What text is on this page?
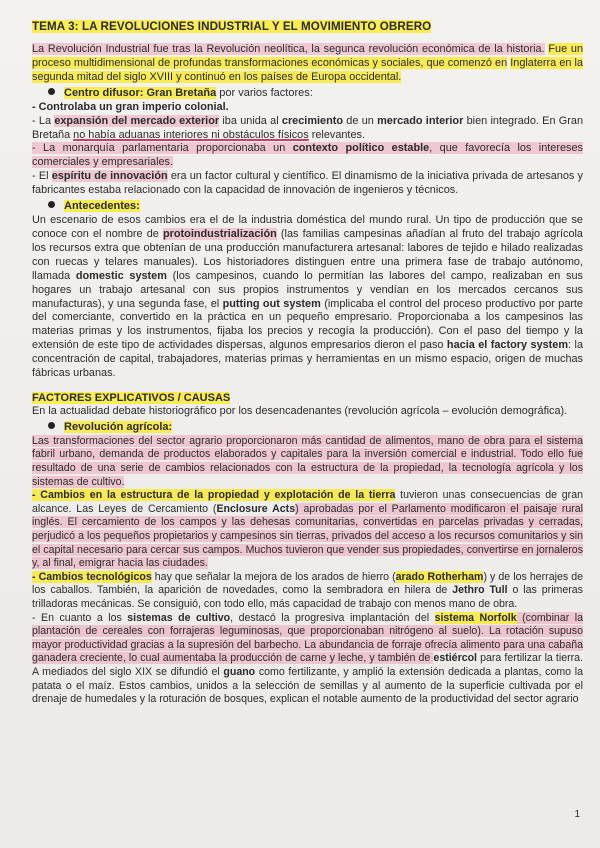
TEMA 3: LA REVOLUCIONES INDUSTRIAL Y EL MOVIMIENTO OBRERO

La Revolución Industrial fue tras la Revolución neolítica, la segunca revolución económica de la historia. Fue un proceso multidimensional de profundas transformaciones económicas y sociales, que comenzó en Inglaterra en la segunda mitad del siglo XVIII y continuó en los países de Europa occidental.

Centro difusor: Gran Bretaña por varios factores:

- Controlaba un gran imperio colonial.

- La expansión del mercado exterior iba unida al crecimiento de un mercado interior bien integrado. En Gran Bretaña no había aduanas interiores ni obstáculos físicos relevantes.

- La monarquía parlamentaria proporcionaba un contexto político estable, que favorecía los intereses comerciales y empresariales.

- El espíritu de innovación era un factor cultural y científico. El dinamismo de la iniciativa privada de artesanos y fabricantes estaba relacionado con la capacidad de innovación de ingenieros y técnicos.

Antecedentes:

Un escenario de esos cambios era el de la industria doméstica del mundo rural. Un tipo de producción que se conoce con el nombre de protoindustrialización (las familias campesinas añadían al fruto del trabajo agrícola los recursos extra que obtenían de una producción manufacturera artesanal: labores de tejido e hilado realizadas con ruecas y telares manuales). Los historiadores distinguen entre una primera fase de trabajo autónomo, llamada domestic system (los campesinos, cuando lo permitían las labores del campo, realizaban en sus hogares un trabajo artesanal con sus propios instrumentos y vendían en los mercados cercanos sus manufacturas), y una segunda fase, el putting out system (implicaba el control del proceso productivo por parte del comerciante, convertido en la práctica en un pequeño empresario. Proporcionaba a los campesinos las materias primas y los instrumentos, fijaba los precios y recogía la producción). Con el paso del tiempo y la extensión de este tipo de actividades dispersas, algunos empresarios dieron el paso hacia el factory system: la concentración de capital, trabajadores, materias primas y herramientas en un mismo espacio, origen de muchas fábricas urbanas.

FACTORES EXPLICATIVOS / CAUSAS

En la actualidad debate historiográfico por los desencadenantes (revolución agrícola – evolución demográfica).

Revolución agrícola:

Las transformaciones del sector agrario proporcionaron más cantidad de alimentos, mano de obra para el sistema fabril urbano, demanda de productos elaborados y capitales para la inversión comercial e industrial. Todo ello fue resultado de una serie de cambios relacionados con la estructura de la propiedad, la tecnología agrícola y los sistemas de cultivo.

- Cambios en la estructura de la propiedad y explotación de la tierra tuvieron unas consecuencias de gran alcance. Las Leyes de Cercamiento (Enclosure Acts) aprobadas por el Parlamento modificaron el paisaje rural inglés. El cercamiento de los campos y las dehesas comunitarias, convertidas en parcelas privadas y cerradas, perjudicó a los pequeños propietarios y campesinos sin tierras, privados del acceso a los recursos comunitarios y sin el capital necesario para cercar sus campos. Muchos tuvieron que vender sus propiedades, convertirse en jornaleros y, al final, emigrar hacia las ciudades.

- Cambios tecnológicos hay que señalar la mejora de los arados de hierro (arado Rotherham) y de los herrajes de los caballos. También, la aparición de novedades, como la sembradora en hilera de Jethro Tull o las primeras trilladoras mecánicas. Se consiguió, con todo ello, más capacidad de trabajo con menos mano de obra.

- En cuanto a los sistemas de cultivo, destacó la progresiva implantación del sistema Norfolk (combinar la plantación de cereales con forrajeras leguminosas, que proporcionaban nitrógeno al suelo). La rotación supuso mayor productividad gracias a la supresión del barbecho. La abundancia de forraje ofrecía alimento para una cabaña ganadera creciente, lo cual aumentaba la producción de carne y leche, y también de estiércol para fertilizar la tierra. A mediados del siglo XIX se difundió el guano como fertilizante, y amplió la extensión dedicada a plantas, como la patata o el maíz. Estos cambios, unidos a la selección de semillas y al aumento de la superficie cultivada por el drenaje de humedales y la roturación de bosques, explican el notable aumento de la productividad del sector agrario

1
